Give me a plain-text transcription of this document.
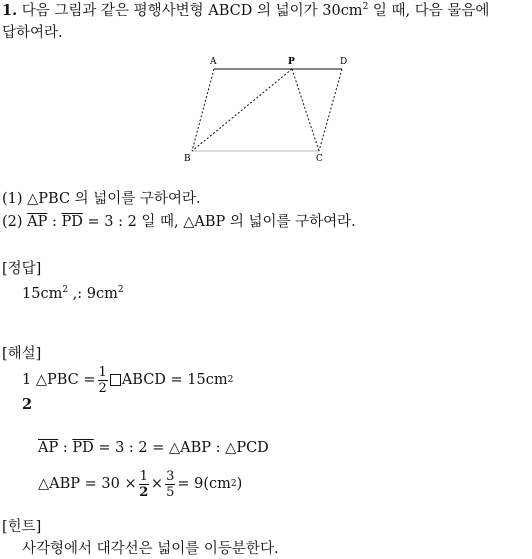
1. 다음 그림과 같은 평행사변형 ABCD 의 넓이가 $30cm^2$ 일 때, 다음 물음에
답하여라.
A	P	D
B	C
(1) △PBC 의 넓이를 구하여라.
(2) $\overline{AP}$ : $\overline{PD} = 3$ : 2 일 때, △ABP 의 넓이를 구하여라.
[정답]
$15cm^2$ ,: $9cm^2$
[해설]
1 △PBC = $\frac{1}{2}$ ABCD = 15cm 2
2
$\overline{AP}$ : $\overline{PD} = 3$ : 2 = △ABP : △PCD
△ABP = $30 \times \frac{1}{2} \times \frac{3}{5} = 9(cm$ 2 )
[힌트]
사각형에서 대각선은 넓이를 이등분한다.
